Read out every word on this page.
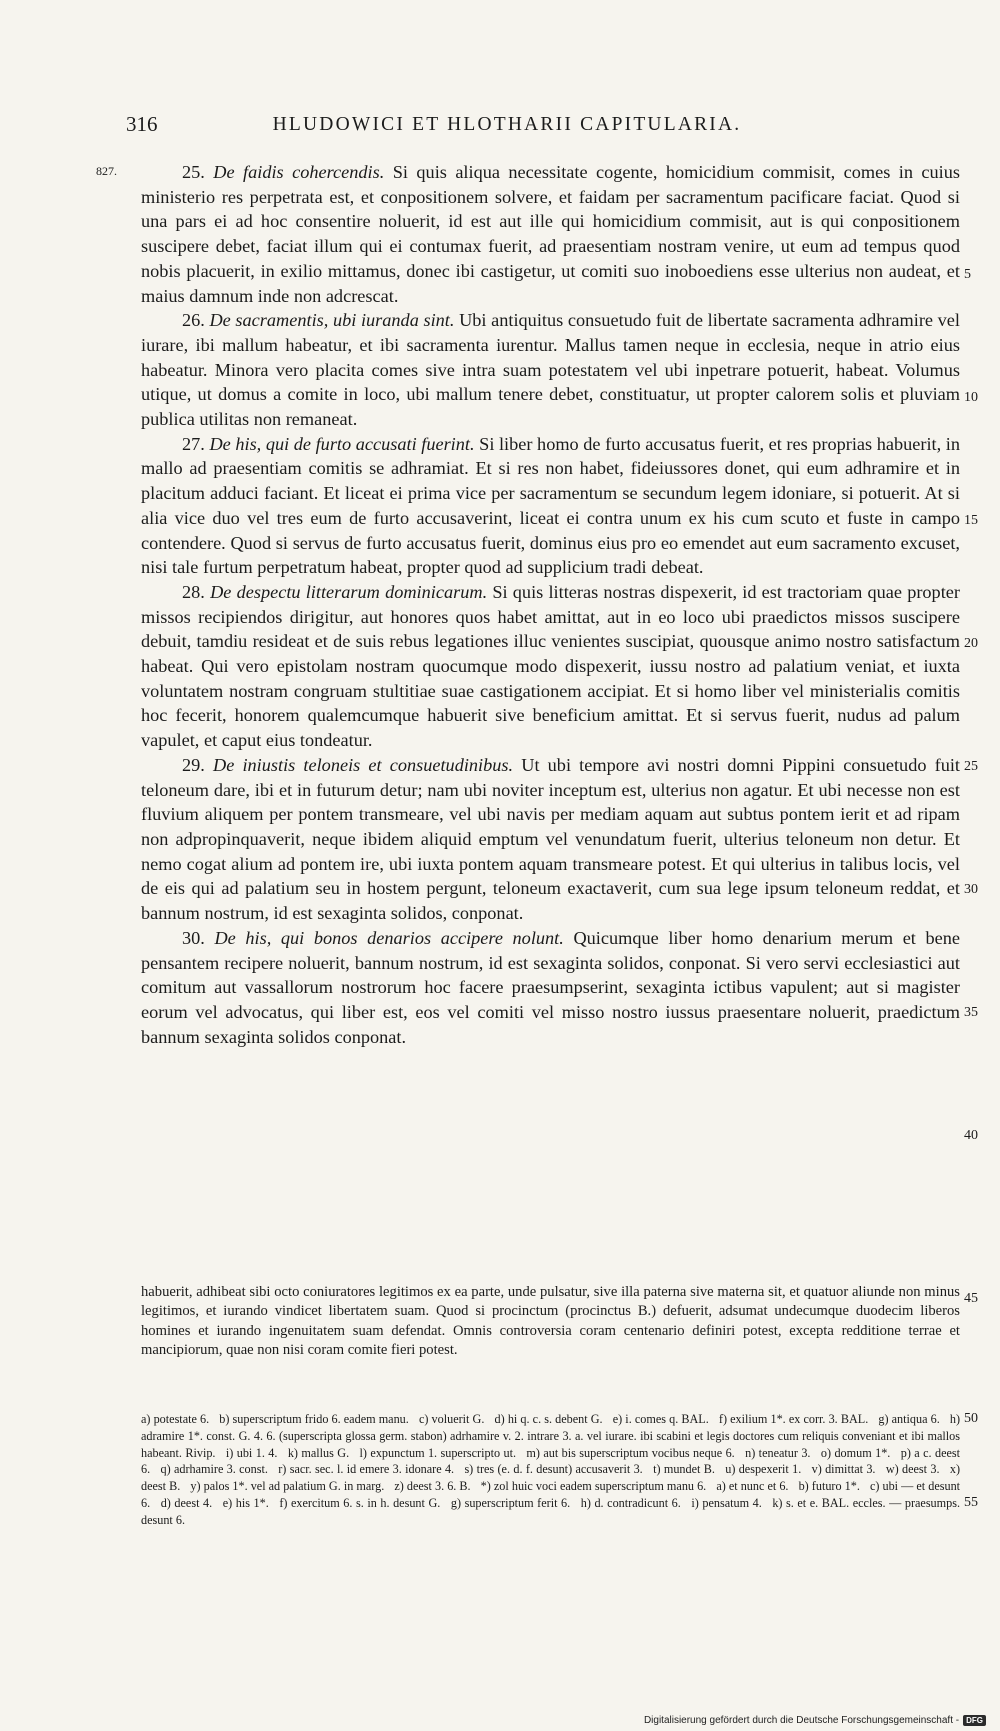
316	HLUDOWICI ET HLOTHARII CAPITULARIA.
827.	25. De faidis cohercendis. Si quis aliqua necessitate cogente, homicidium commisit, comes in cuius ministerio res perpetrata est, et conpositionem solvere, et faidam per sacramentum pacificare faciat. Quod si una pars ei ad hoc consentire noluerit, id est aut ille qui homicidium commisit, aut is qui conpositionem suscipere debet, faciat illum qui ei contumax fuerit, ad praesentiam nostram venire, ut eum ad tempus quod nobis placuerit, in exilio mittamus, donec ibi castigetur, ut comiti suo inoboediens esse ulterius non audeat, et maius damnum inde non adcrescat.

26. De sacramentis, ubi iuranda sint. Ubi antiquitus consuetudo fuit de libertate sacramenta adhramire vel iurare, ibi mallum habeatur, et ibi sacramenta iurentur. Mallus tamen neque in ecclesia, neque in atrio eius habeatur. Minora vero placita comes sive intra suam potestatem vel ubi inpetrare potuerit, habeat. Volumus utique, ut domus a comite in loco, ubi mallum tenere debet, constituatur, ut propter calorem solis et pluviam publica utilitas non remaneat.

27. De his, qui de furto accusati fuerint. Si liber homo de furto accusatus fuerit, et res proprias habuerit, in mallo ad praesentiam comitis se adhramiat. Et si res non habet, fideiussores donet, qui eum adhramire et in placitum adduci faciant. Et liceat ei prima vice per sacramentum se secundum legem idoniare, si potuerit. At si alia vice duo vel tres eum de furto accusaverint, liceat ei contra unum ex his cum scuto et fuste in campo contendere. Quod si servus de furto accusatus fuerit, dominus eius pro eo emendet aut eum sacramento excuset, nisi tale furtum perpetratum habeat, propter quod ad supplicium tradi debeat.

28. De despectu litterarum dominicarum. Si quis litteras nostras dispexerit, id est tractoriam quae propter missos recipiendos dirigitur, aut honores quos habet amittat, aut in eo loco ubi praedictos missos suscipere debuit, tamdiu resideat et de suis rebus legationes illuc venientes suscipiat, quousque animo nostro satisfactum habeat. Qui vero epistolam nostram quocumque modo dispexerit, iussu nostro ad palatium veniat, et iuxta voluntatem nostram congruam stultitiae suae castigationem accipiat. Et si homo liber vel ministerialis comitis hoc fecerit, honorem qualemcumque habuerit sive beneficium amittat. Et si servus fuerit, nudus ad palum vapulet, et caput eius tondeatur.

29. De iniustis teloneis et consuetudinibus. Ut ubi tempore avi nostri domni Pippini consuetudo fuit teloneum dare, ibi et in futurum detur; nam ubi noviter inceptum est, ulterius non agatur. Et ubi necesse non est fluvium aliquem per pontem transmeare, vel ubi navis per mediam aquam aut subtus pontem ierit et ad ripam non adpropinquaverit, neque ibidem aliquid emptum vel venundatum fuerit, ulterius teloneum non detur. Et nemo cogat alium ad pontem ire, ubi iuxta pontem aquam transmeare potest. Et qui ulterius in talibus locis, vel de eis qui ad palatium seu in hostem pergunt, teloneum exactaverit, cum sua lege ipsum teloneum reddat, et bannum nostrum, id est sexaginta solidos, conponat.

30. De his, qui bonos denarios accipere nolunt. Quicumque liber homo denarium merum et bene pensantem recipere noluerit, bannum nostrum, id est sexaginta solidos, conponat. Si vero servi ecclesiastici aut comitum aut vassallorum nostrorum hoc facere praesumpserint, sexaginta ictibus vapulent; aut si magister eorum vel advocatus, qui liber est, eos vel comiti vel misso nostro iussus praesentare noluerit, praedictum bannum sexaginta solidos conponat.

habuerit, adhibeat sibi octo coniuratores legitimos ex ea parte, unde pulsatur, sive illa paterna sive materna sit, et quatuor aliunde non minus legitimos, et iurando vindicet libertatem suam. Quod si procinctum (procinctus B.) defuerit, adsumat undecumque duodecim liberos homines et iurando ingenuitatem suam defendat. Omnis controversia coram centenario definiri potest, excepta redditione terrae et mancipiorum, quae non nisi coram comite fieri potest.

a) potestate 6. b) superscriptum frido 6. eadem manu. c) voluerit G. d) hi q. c. s. debent G. e) i. comes q. BAL. f) exilium 1*. ex corr. 3. BAL. g) antiqua 6. h) adramire 1*. const. G. 4. 6. (superscripta glossa germ. stabon) adrhamire v. 2. intrare 3. a. vel iurare. ibi scabini et legis doctores cum reliquis conveniant et ibi mallos habeant. Rivip. i) ubi 1. 4. k) mallus G. l) expunctum 1. superscripto ut. m) aut bis superscriptum vocibus neque 6. n) teneatur 3. o) domum 1*. p) a c. deest 6. q) adrhamire 3. const. r) sacr. sec. l. id emere 3. idonare 4. s) tres (e. d. f. desunt) accusaverit 3. t) mundet B. u) despexerit 1. v) dimittat 3. w) deest 3. x) deest B. y) palos 1*. vel ad palatium G. in marg. z) deest 3. 6. B. *) zol huic voci eadem superscriptum manu 6. a) et nunc et 6. b) futuro 1*. c) ubi — et desunt 6. d) deest 4. e) his 1*. f) exercitum 6. s. in h. desunt G. g) superscriptum ferit 6. h) d. contradicunt 6. i) pensatum 4. k) s. et e. BAL. eccles. — praesumps. desunt 6.

5
10
15
20
25
30
35
40
45
50
55
Digitalisierung gefördert durch die Deutsche Forschungsgemeinschaft - DFG
